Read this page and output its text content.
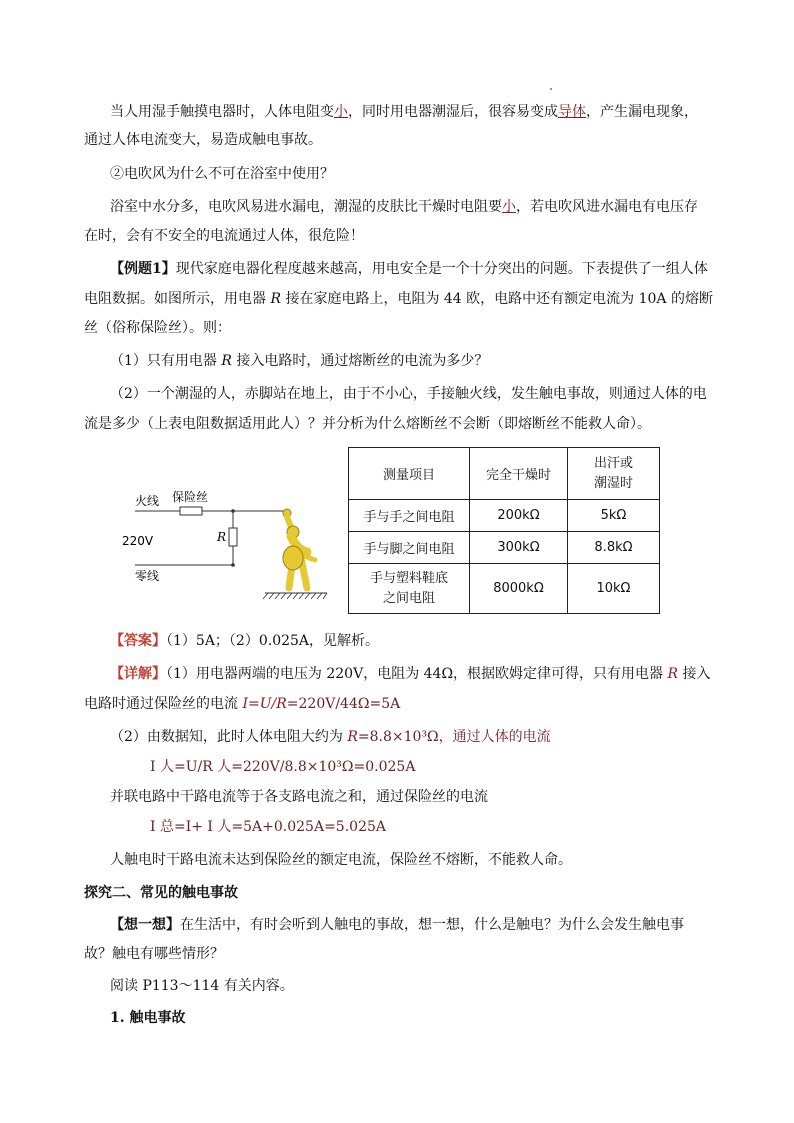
当人用湿手触摸电器时，人体电阻变小，同时用电器潮湿后，很容易变成导体，产生漏电现象，
通过人体电流变大，易造成触电事故。
②电吹风为什么不可在浴室中使用？
浴室中水分多，电吹风易进水漏电，潮湿的皮肤比干燥时电阻要小，若电吹风进水漏电有电压存
在时，会有不安全的电流通过人体，很危险！
【例题1】现代家庭电器化程度越来越高，用电安全是一个十分突出的问题。下表提供了一组人体
电阻数据。如图所示，用电器 R 接在家庭电路上，电阻为 44 欧，电路中还有额定电流为 10A 的熔断
丝（俗称保险丝）。则：
（1）只有用电器 R 接入电路时，通过熔断丝的电流为多少？
（2）一个潮湿的人，赤脚站在地上，由于不小心，手接触火线，发生触电事故，则通过人体的电
流是多少（上表电阻数据适用此人）？并分析为什么熔断丝不会断（即熔断丝不能救人命）。
火线 保险丝
220V	R
零线
测量项目	完全干燥时	出汗或
潮湿时
手与手之间电阻	200kΩ	5kΩ
手与脚之间电阻	300kΩ	8.8kΩ
手与塑料鞋底
之间电阻	8000kΩ	10kΩ
【答案】（1）5A；（2）0.025A，见解析。
【详解】（1）用电器两端的电压为 220V，电阻为 44Ω，根据欧姆定律可得，只有用电器 R 接入
电路时通过保险丝的电流 I=U/R=220V/44Ω=5A
（2）由数据知，此时人体电阻大约为 R=8.8×10³Ω，通过人体的电流
I 人=U/R 人=220V/8.8×10³Ω=0.025A
并联电路中干路电流等于各支路电流之和，通过保险丝的电流
I 总=I+ I 人=5A+0.025A=5.025A
人触电时干路电流未达到保险丝的额定电流，保险丝不熔断，不能救人命。
探究二、常见的触电事故
【想一想】在生活中，有时会听到人触电的事故，想一想，什么是触电？为什么会发生触电事
故？触电有哪些情形？
阅读 P113～114 有关内容。
1. 触电事故
